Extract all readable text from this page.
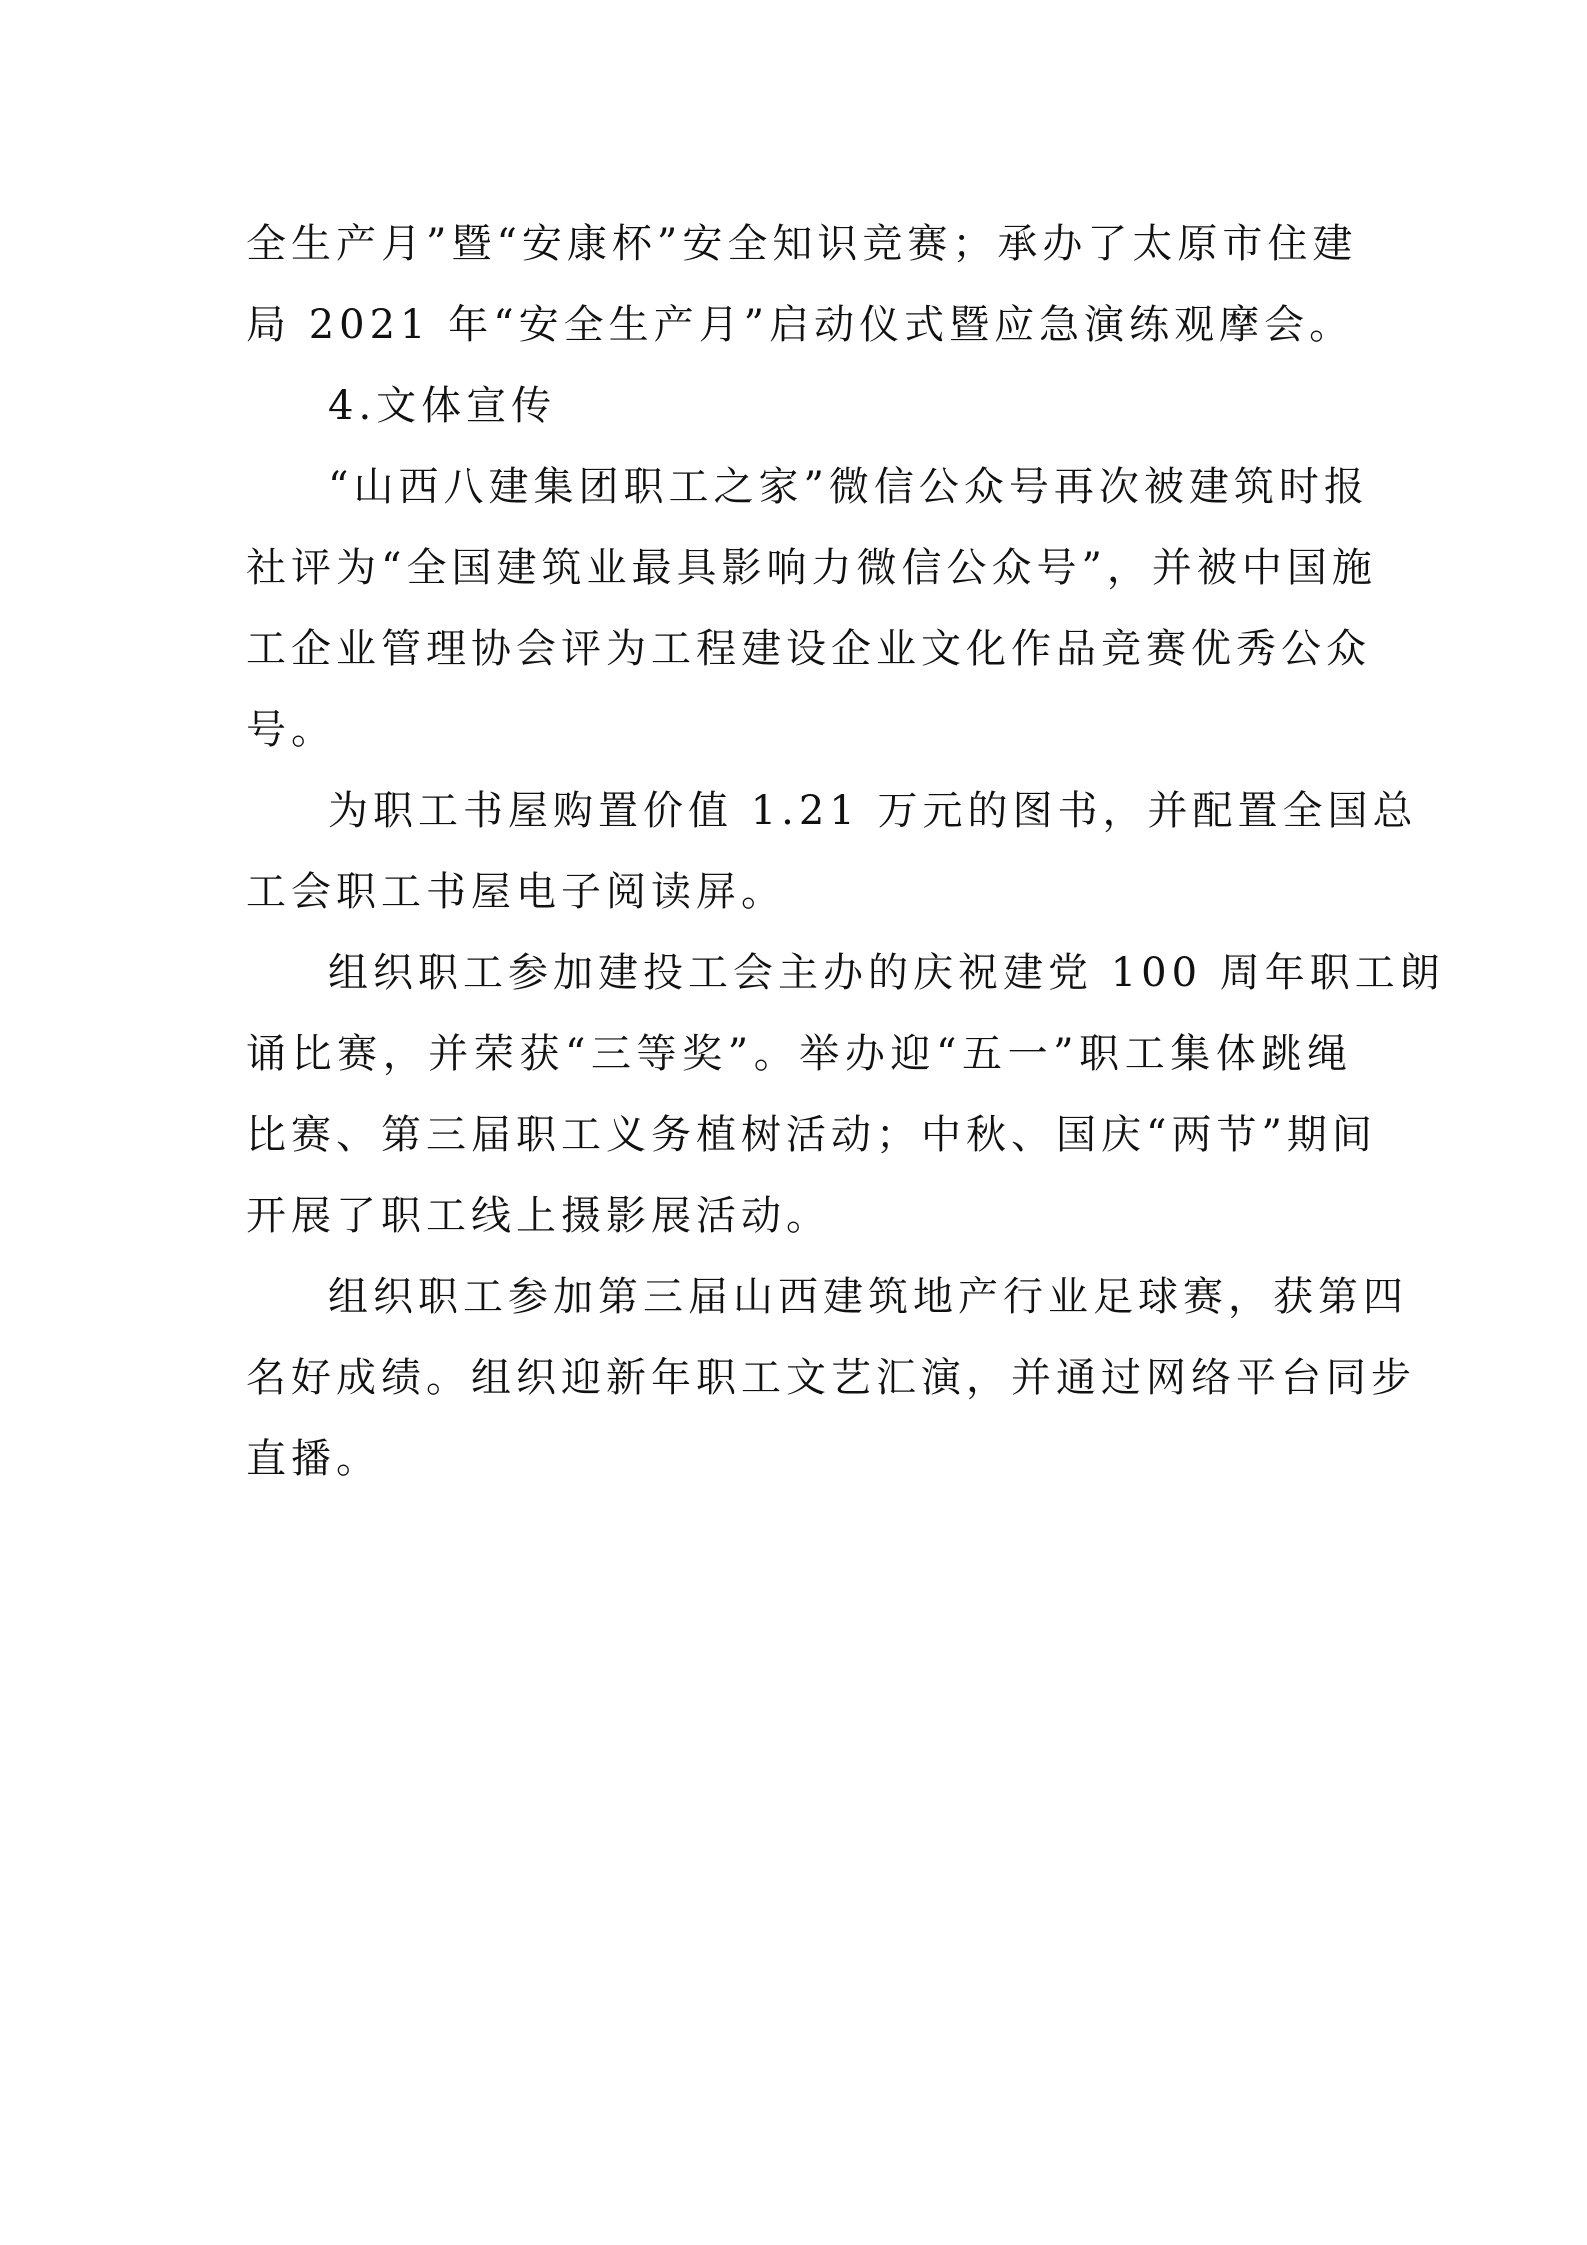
全生产月”暨“安康杯”安全知识竞赛；承办了太原市住建
局 2021 年“安全生产月”启动仪式暨应急演练观摩会。

4.文体宣传

“山西八建集团职工之家”微信公众号再次被建筑时报
社评为“全国建筑业最具影响力微信公众号”，并被中国施
工企业管理协会评为工程建设企业文化作品竞赛优秀公众
号。

为职工书屋购置价值 1.21 万元的图书，并配置全国总
工会职工书屋电子阅读屏。

组织职工参加建投工会主办的庆祝建党 100 周年职工朗
诵比赛，并荣获“三等奖”。举办迎“五一”职工集体跳绳
比赛、第三届职工义务植树活动；中秋、国庆“两节”期间
开展了职工线上摄影展活动。

组织职工参加第三届山西建筑地产行业足球赛，获第四
名好成绩。组织迎新年职工文艺汇演，并通过网络平台同步
直播。
